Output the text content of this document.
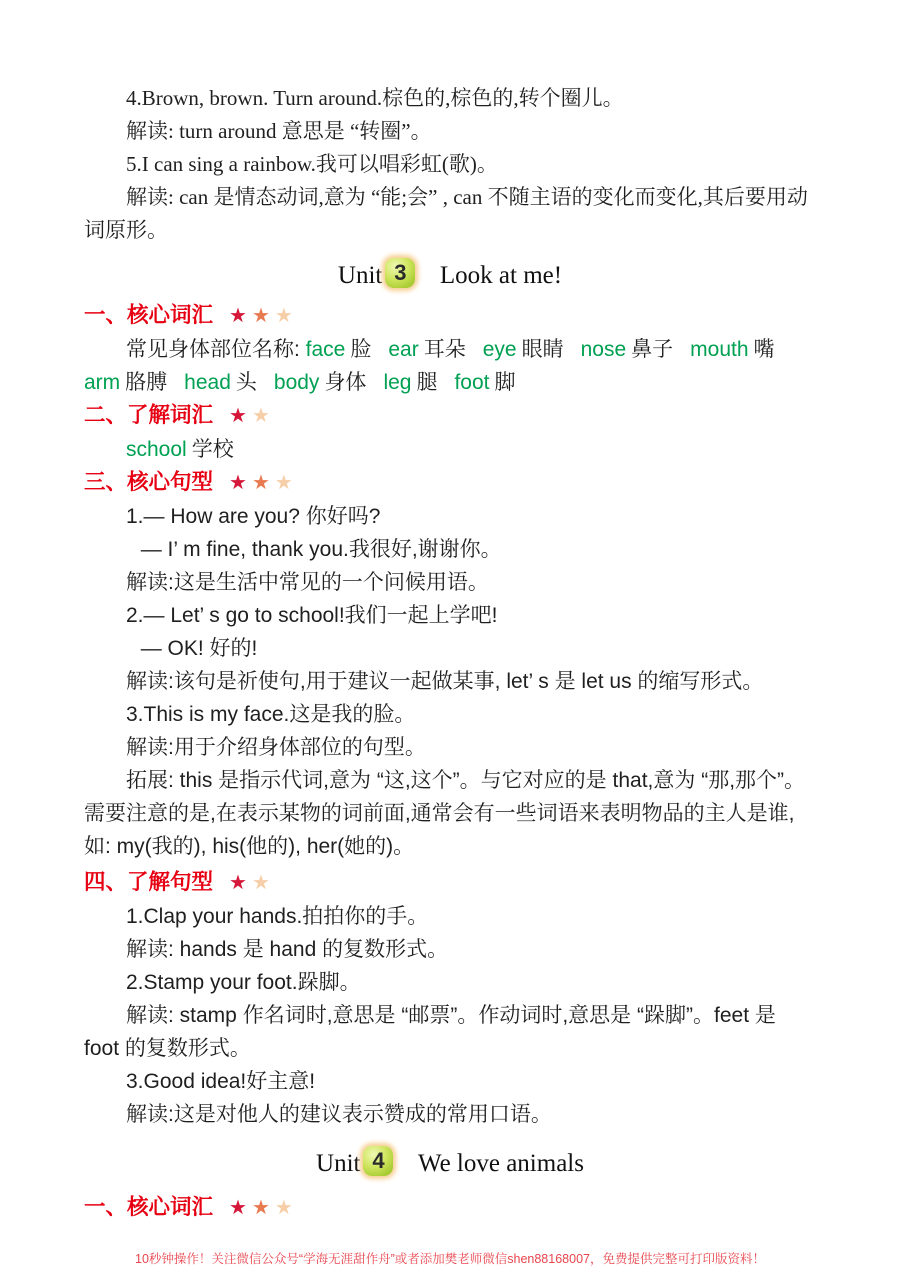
4.Brown, brown. Turn around.棕色的,棕色的,转个圈儿。

解读: turn around 意思是 “转圈”。

5.I can sing a rainbow.我可以唱彩虹(歌)。

解读: can 是情态动词,意为 “能;会” , can 不随主语的变化而变化,其后要用动词原形。

Unit 3 Look at me!

一、核心词汇 ★★★

常见身体部位名称: face 脸 ear 耳朵 eye 眼睛 nose 鼻子 mouth 嘴arm 胳膊 head 头 body 身体 leg 腿 foot 脚

二、了解词汇 ★★

school 学校

三、核心句型 ★★★

1.— How are you? 你好吗?

— I’ m fine, thank you.我很好,谢谢你。

解读:这是生活中常见的一个问候用语。

2.— Let’ s go to school!我们一起上学吧!

— OK! 好的!

解读:该句是祈使句,用于建议一起做某事, let’ s 是 let us 的缩写形式。

3.This is my face.这是我的脸。

解读:用于介绍身体部位的句型。

拓展: this 是指示代词,意为 “这,这个”。与它对应的是 that,意为 “那,那个”。需要注意的是,在表示某物的词前面,通常会有一些词语来表明物品的主人是谁,如: my(我的), his(他的), her(她的)。

四、了解句型 ★★

1.Clap your hands.拍拍你的手。

解读: hands 是 hand 的复数形式。

2.Stamp your foot.跺脚。

解读: stamp 作名词时,意思是 “邮票”。作动词时,意思是 “跺脚”。feet 是 foot 的复数形式。

3.Good idea!好主意!

解读:这是对他人的建议表示赞成的常用口语。

Unit 4 We love animals

一、核心词汇 ★★★

10秒钟操作！关注微信公众号“学海无涯甜作舟”或者添加樊老师微信shen88168007，免费提供完整可打印版资料！
